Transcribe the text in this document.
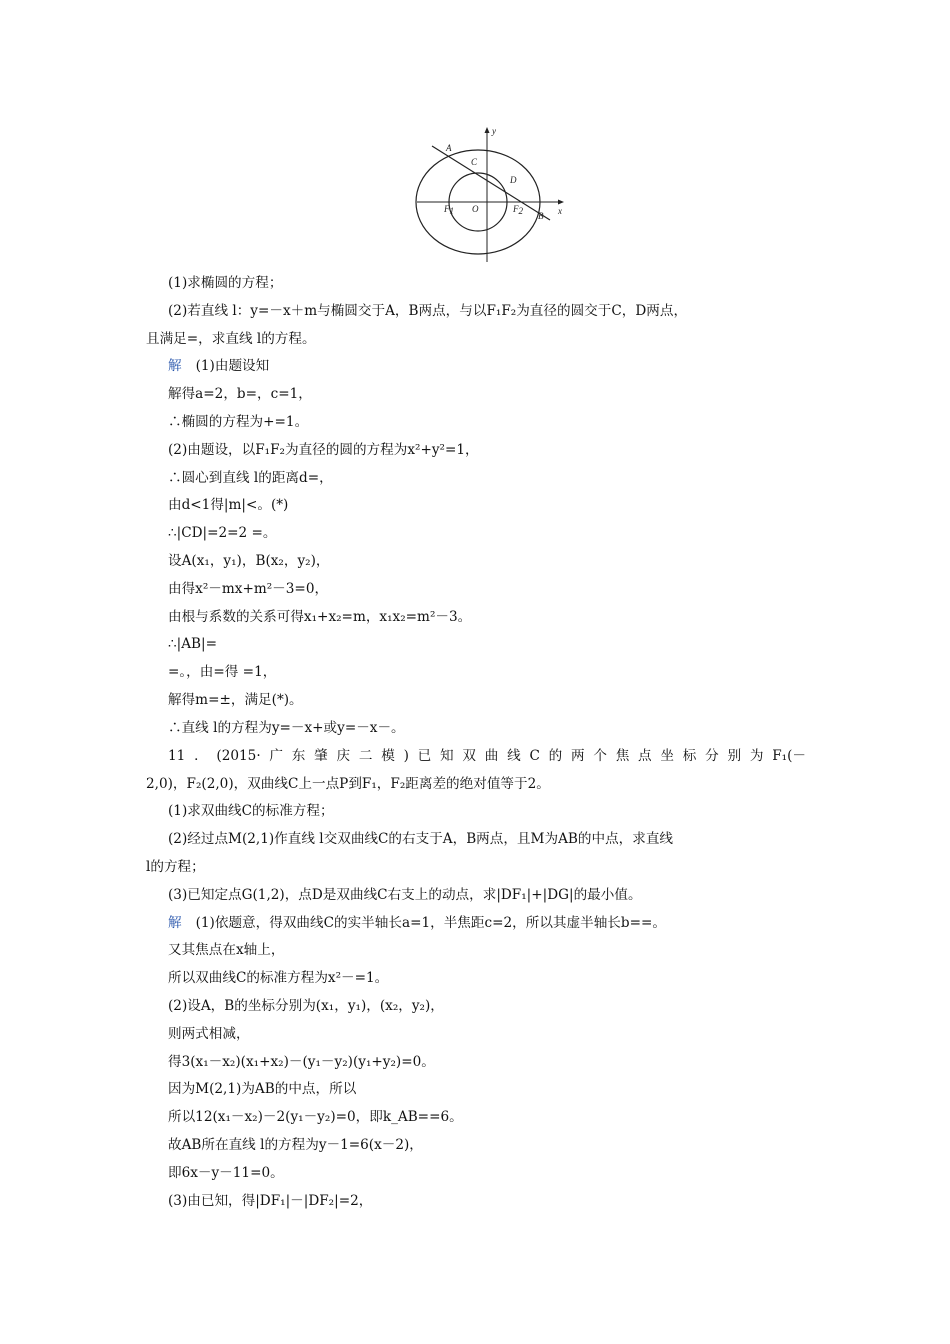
A
C
D
B
O
F1	F2	x
y
(1)求椭圆的方程；
(2)若直线 l：y=－x＋m与椭圆交于A，B两点，与以F₁F₂为直径的圆交于C，D两点，
且满足=，求直线 l的方程。
解 (1)由题设知
解得a=2，b=，c=1，
∴椭圆的方程为+=1。
(2)由题设，以F₁F₂为直径的圆的方程为x²+y²=1，
∴圆心到直线 l的距离d=，
由d<1得|m|<。(*)
∴|CD|=2=2 =。
设A(x₁，y₁)，B(x₂，y₂)，
由得x²－mx+m²－3=0，
由根与系数的关系可得x₁+x₂=m，x₁x₂=m²－3。
∴|AB|=
=。，由=得 =1，
解得m=±，满足(*)。
∴直线 l的方程为y=－x+或y=－x－。
11．(2015·广东肇庆二模)已知双曲线C的两个焦点坐标分别为F₁(－
2,0)，F₂(2,0)，双曲线C上一点P到F₁，F₂距离差的绝对值等于2。
(1)求双曲线C的标准方程；
(2)经过点M(2,1)作直线 l交双曲线C的右支于A，B两点，且M为AB的中点，求直线
l的方程；
(3)已知定点G(1,2)，点D是双曲线C右支上的动点，求|DF₁|+|DG|的最小值。
解 (1)依题意，得双曲线C的实半轴长a=1，半焦距c=2，所以其虚半轴长b==。
又其焦点在x轴上，
所以双曲线C的标准方程为x²－=1。
(2)设A，B的坐标分别为(x₁，y₁)，(x₂，y₂)，
则两式相减，
得3(x₁－x₂)(x₁+x₂)－(y₁－y₂)(y₁+y₂)=0。
因为M(2,1)为AB的中点，所以
所以12(x₁－x₂)－2(y₁－y₂)=0，即k_AB==6。
故AB所在直线 l的方程为y－1=6(x－2)，
即6x－y－11=0。
(3)由已知，得|DF₁|－|DF₂|=2，
